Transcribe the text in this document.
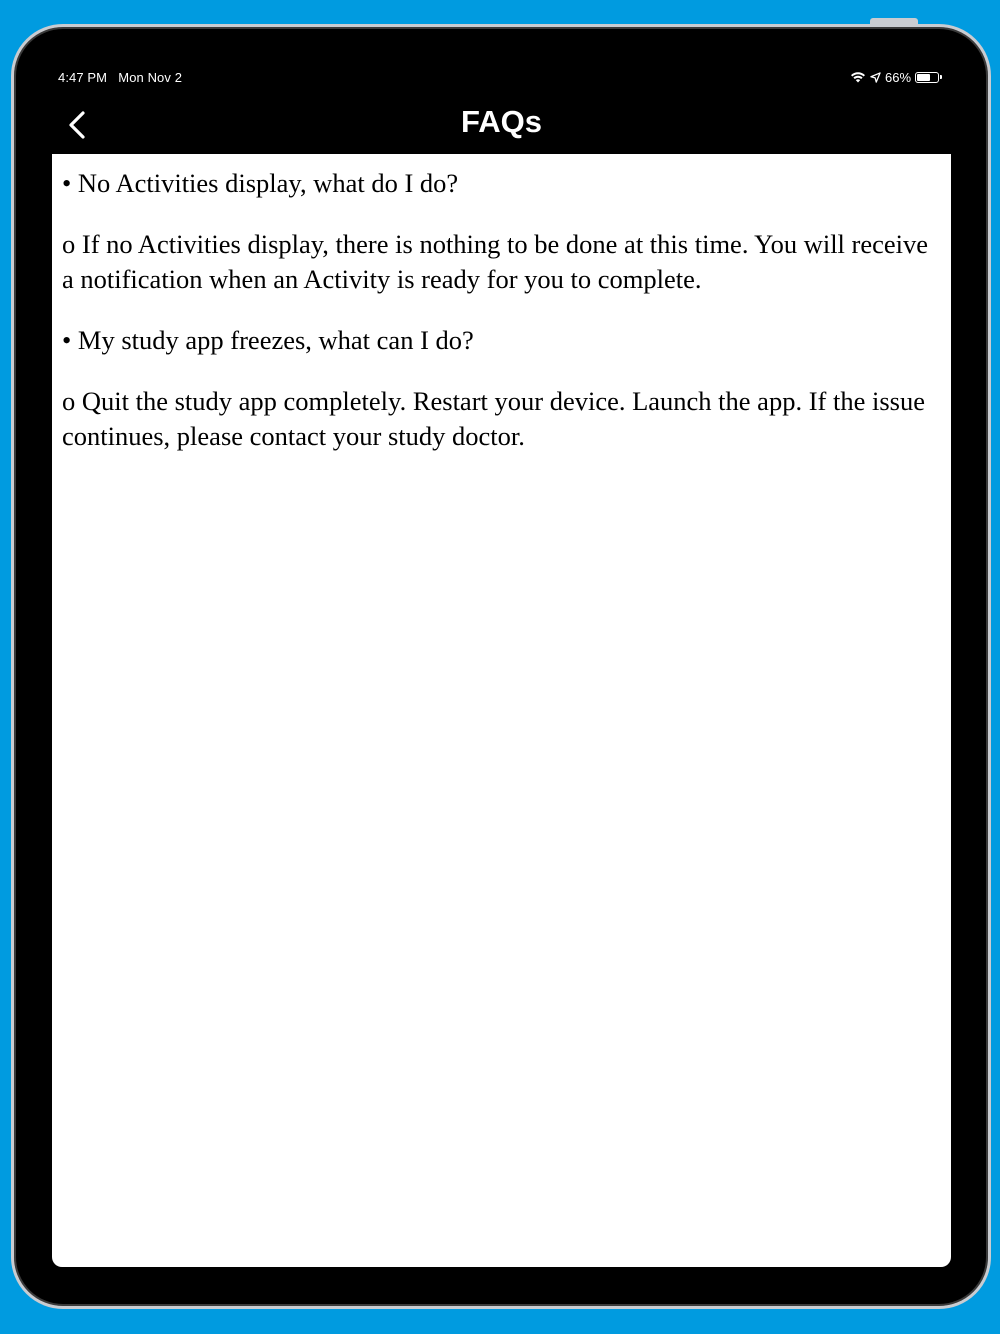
4:47 PM Mon Nov 2	66%
FAQs

• No Activities display, what do I do?

o If no Activities display, there is nothing to be done at this time. You will receive a notification when an Activity is ready for you to complete.

• My study app freezes, what can I do?

o Quit the study app completely. Restart your device. Launch the app. If the issue continues, please contact your study doctor.
